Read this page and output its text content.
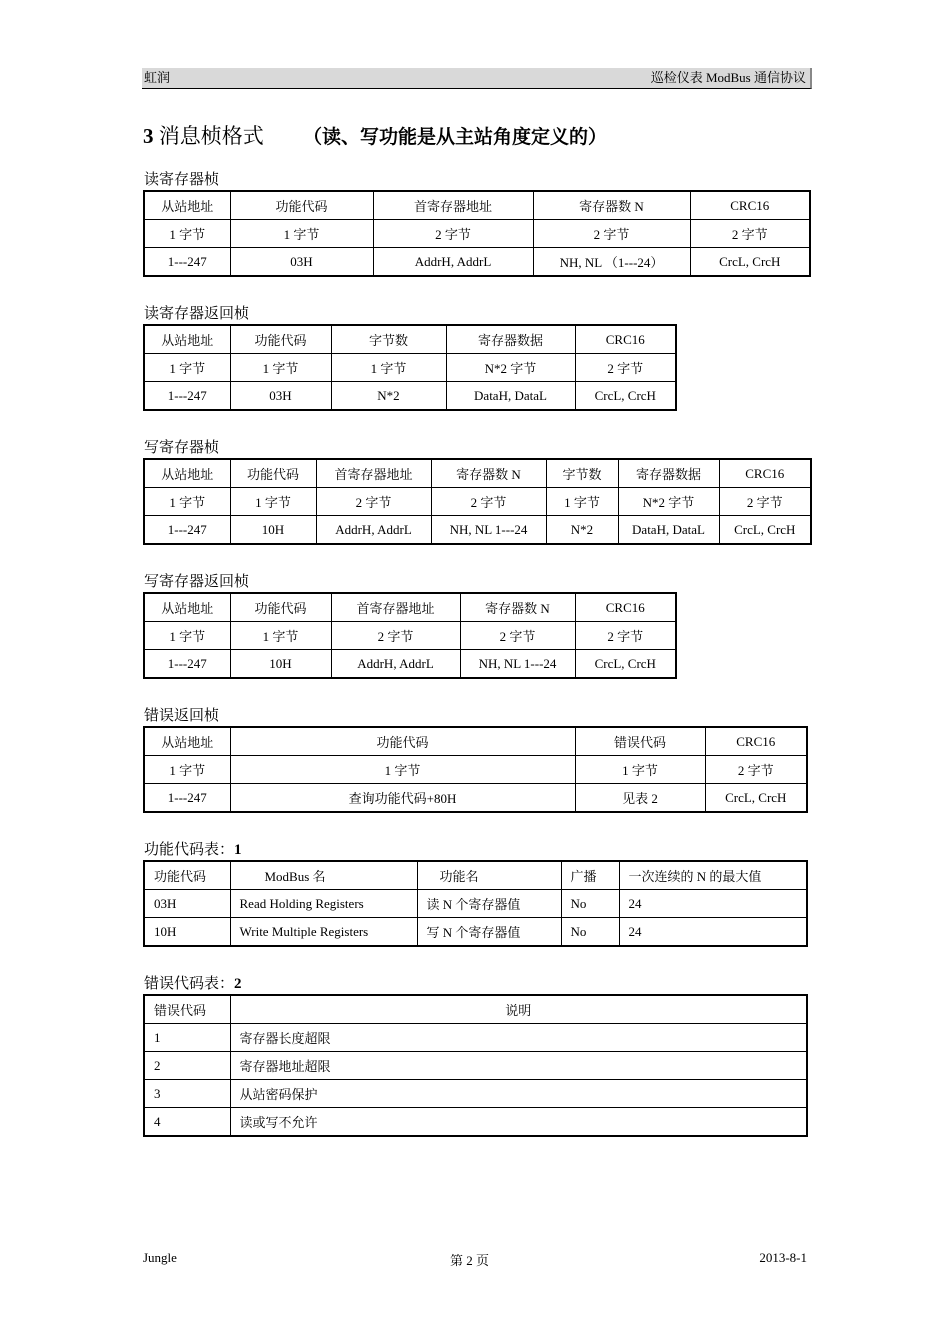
虹润	巡检仪表 ModBus 通信协议
3 消息桢格式 （读、写功能是从主站角度定义的）
读寄存器桢
从站地址	功能代码	首寄存器地址	寄存器数 N	CRC16
1 字节	1 字节	2 字节	2 字节	2 字节
1---247	03H	AddrH, AddrL	NH, NL （1---24）	CrcL, CrcH
读寄存器返回桢
从站地址	功能代码	字节数	寄存器数据	CRC16
1 字节	1 字节	1 字节	N*2 字节	2 字节
1---247	03H	N*2	DataH, DataL	CrcL, CrcH
写寄存器桢
从站地址	功能代码	首寄存器地址	寄存器数 N	字节数	寄存器数据	CRC16
1 字节	1 字节	2 字节	2 字节	1 字节	N*2 字节	2 字节
1---247	10H	AddrH, AddrL	NH, NL 1---24	N*2	DataH, DataL	CrcL, CrcH
写寄存器返回桢
从站地址	功能代码	首寄存器地址	寄存器数 N	CRC16
1 字节	1 字节	2 字节	2 字节	2 字节
1---247	10H	AddrH, AddrL	NH, NL 1---24	CrcL, CrcH
错误返回桢
从站地址	功能代码	错误代码	CRC16
1 字节	1 字节	1 字节	2 字节
1---247	查询功能代码+80H	见表 2	CrcL, CrcH
功能代码表：1
功能代码	ModBus 名	功能名	广播	一次连续的 N 的最大值
03H	Read Holding Registers	读 N 个寄存器值	No	24
10H	Write Multiple Registers	写 N 个寄存器值	No	24
错误代码表：2
错误代码	说明
1	寄存器长度超限
2	寄存器地址超限
3	从站密码保护
4	读或写不允许
Jungle	第 2 页	2013-8-1
